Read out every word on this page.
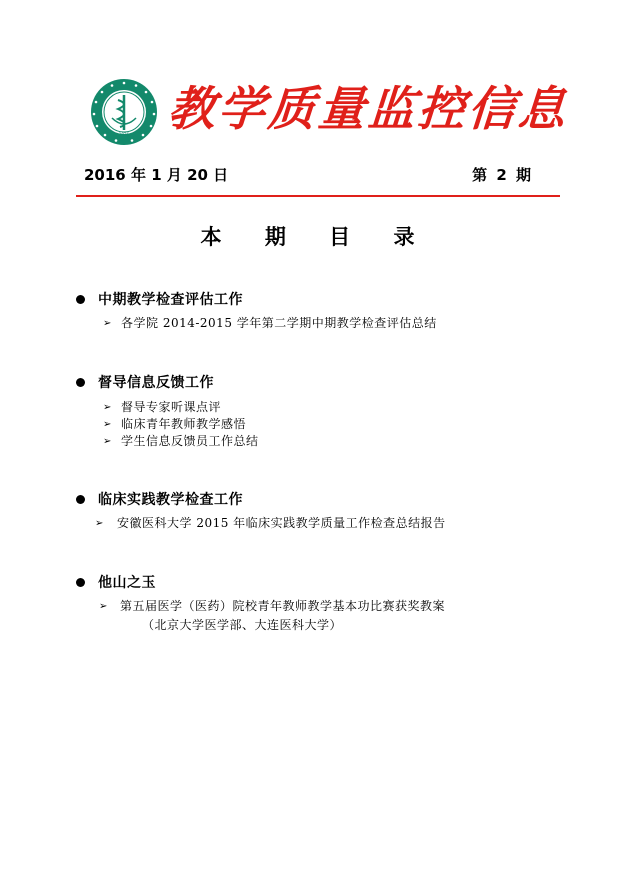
1926 教学质量监控信息
2016 年 1 月 20 日	第 2 期
本 期 目 录
中期教学检查评估工作
➢ 各学院 2014-2015 学年第二学期中期教学检查评估总结
督导信息反馈工作
➢ 督导专家听课点评
➢ 临床青年教师教学感悟
➢ 学生信息反馈员工作总结
临床实践教学检查工作
➢ 安徽医科大学 2015 年临床实践教学质量工作检查总结报告
他山之玉
➢ 第五届医学（医药）院校青年教师教学基本功比赛获奖教案
（北京大学医学部、大连医科大学）
